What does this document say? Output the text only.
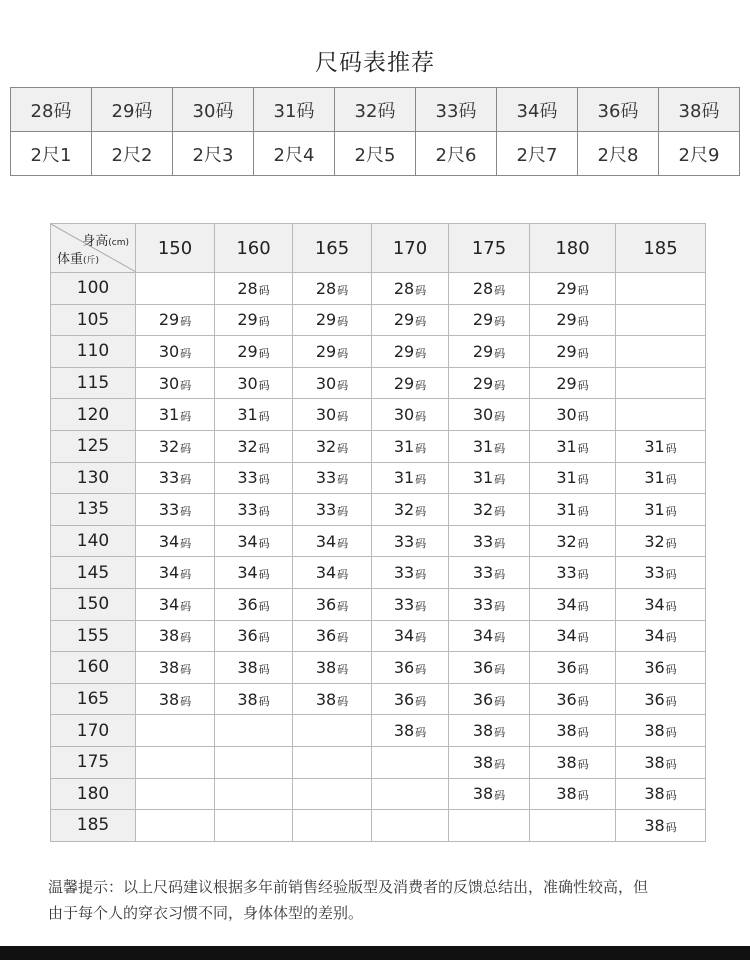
尺码表推荐
28码	29码	30码	31码	32码	33码	34码	36码	38码
2尺1	2尺2	2尺3	2尺4	2尺5	2尺6	2尺7	2尺8	2尺9
身高(cm)
体重(斤)	150	160	165	170	175	180	185
100		28码	28码	28码	28码	29码	
105	29码	29码	29码	29码	29码	29码	
110	30码	29码	29码	29码	29码	29码	
115	30码	30码	30码	29码	29码	29码	
120	31码	31码	30码	30码	30码	30码	
125	32码	32码	32码	31码	31码	31码	31码
130	33码	33码	33码	31码	31码	31码	31码
135	33码	33码	33码	32码	32码	31码	31码
140	34码	34码	34码	33码	33码	32码	32码
145	34码	34码	34码	33码	33码	33码	33码
150	34码	36码	36码	33码	33码	34码	34码
155	38码	36码	36码	34码	34码	34码	34码
160	38码	38码	38码	36码	36码	36码	36码
165	38码	38码	38码	36码	36码	36码	36码
170				38码	38码	38码	38码
175					38码	38码	38码
180					38码	38码	38码
185							38码
温馨提示：以上尺码建议根据多年前销售经验版型及消费者的反馈总结出，准确性较高，但
由于每个人的穿衣习惯不同，身体体型的差别。
